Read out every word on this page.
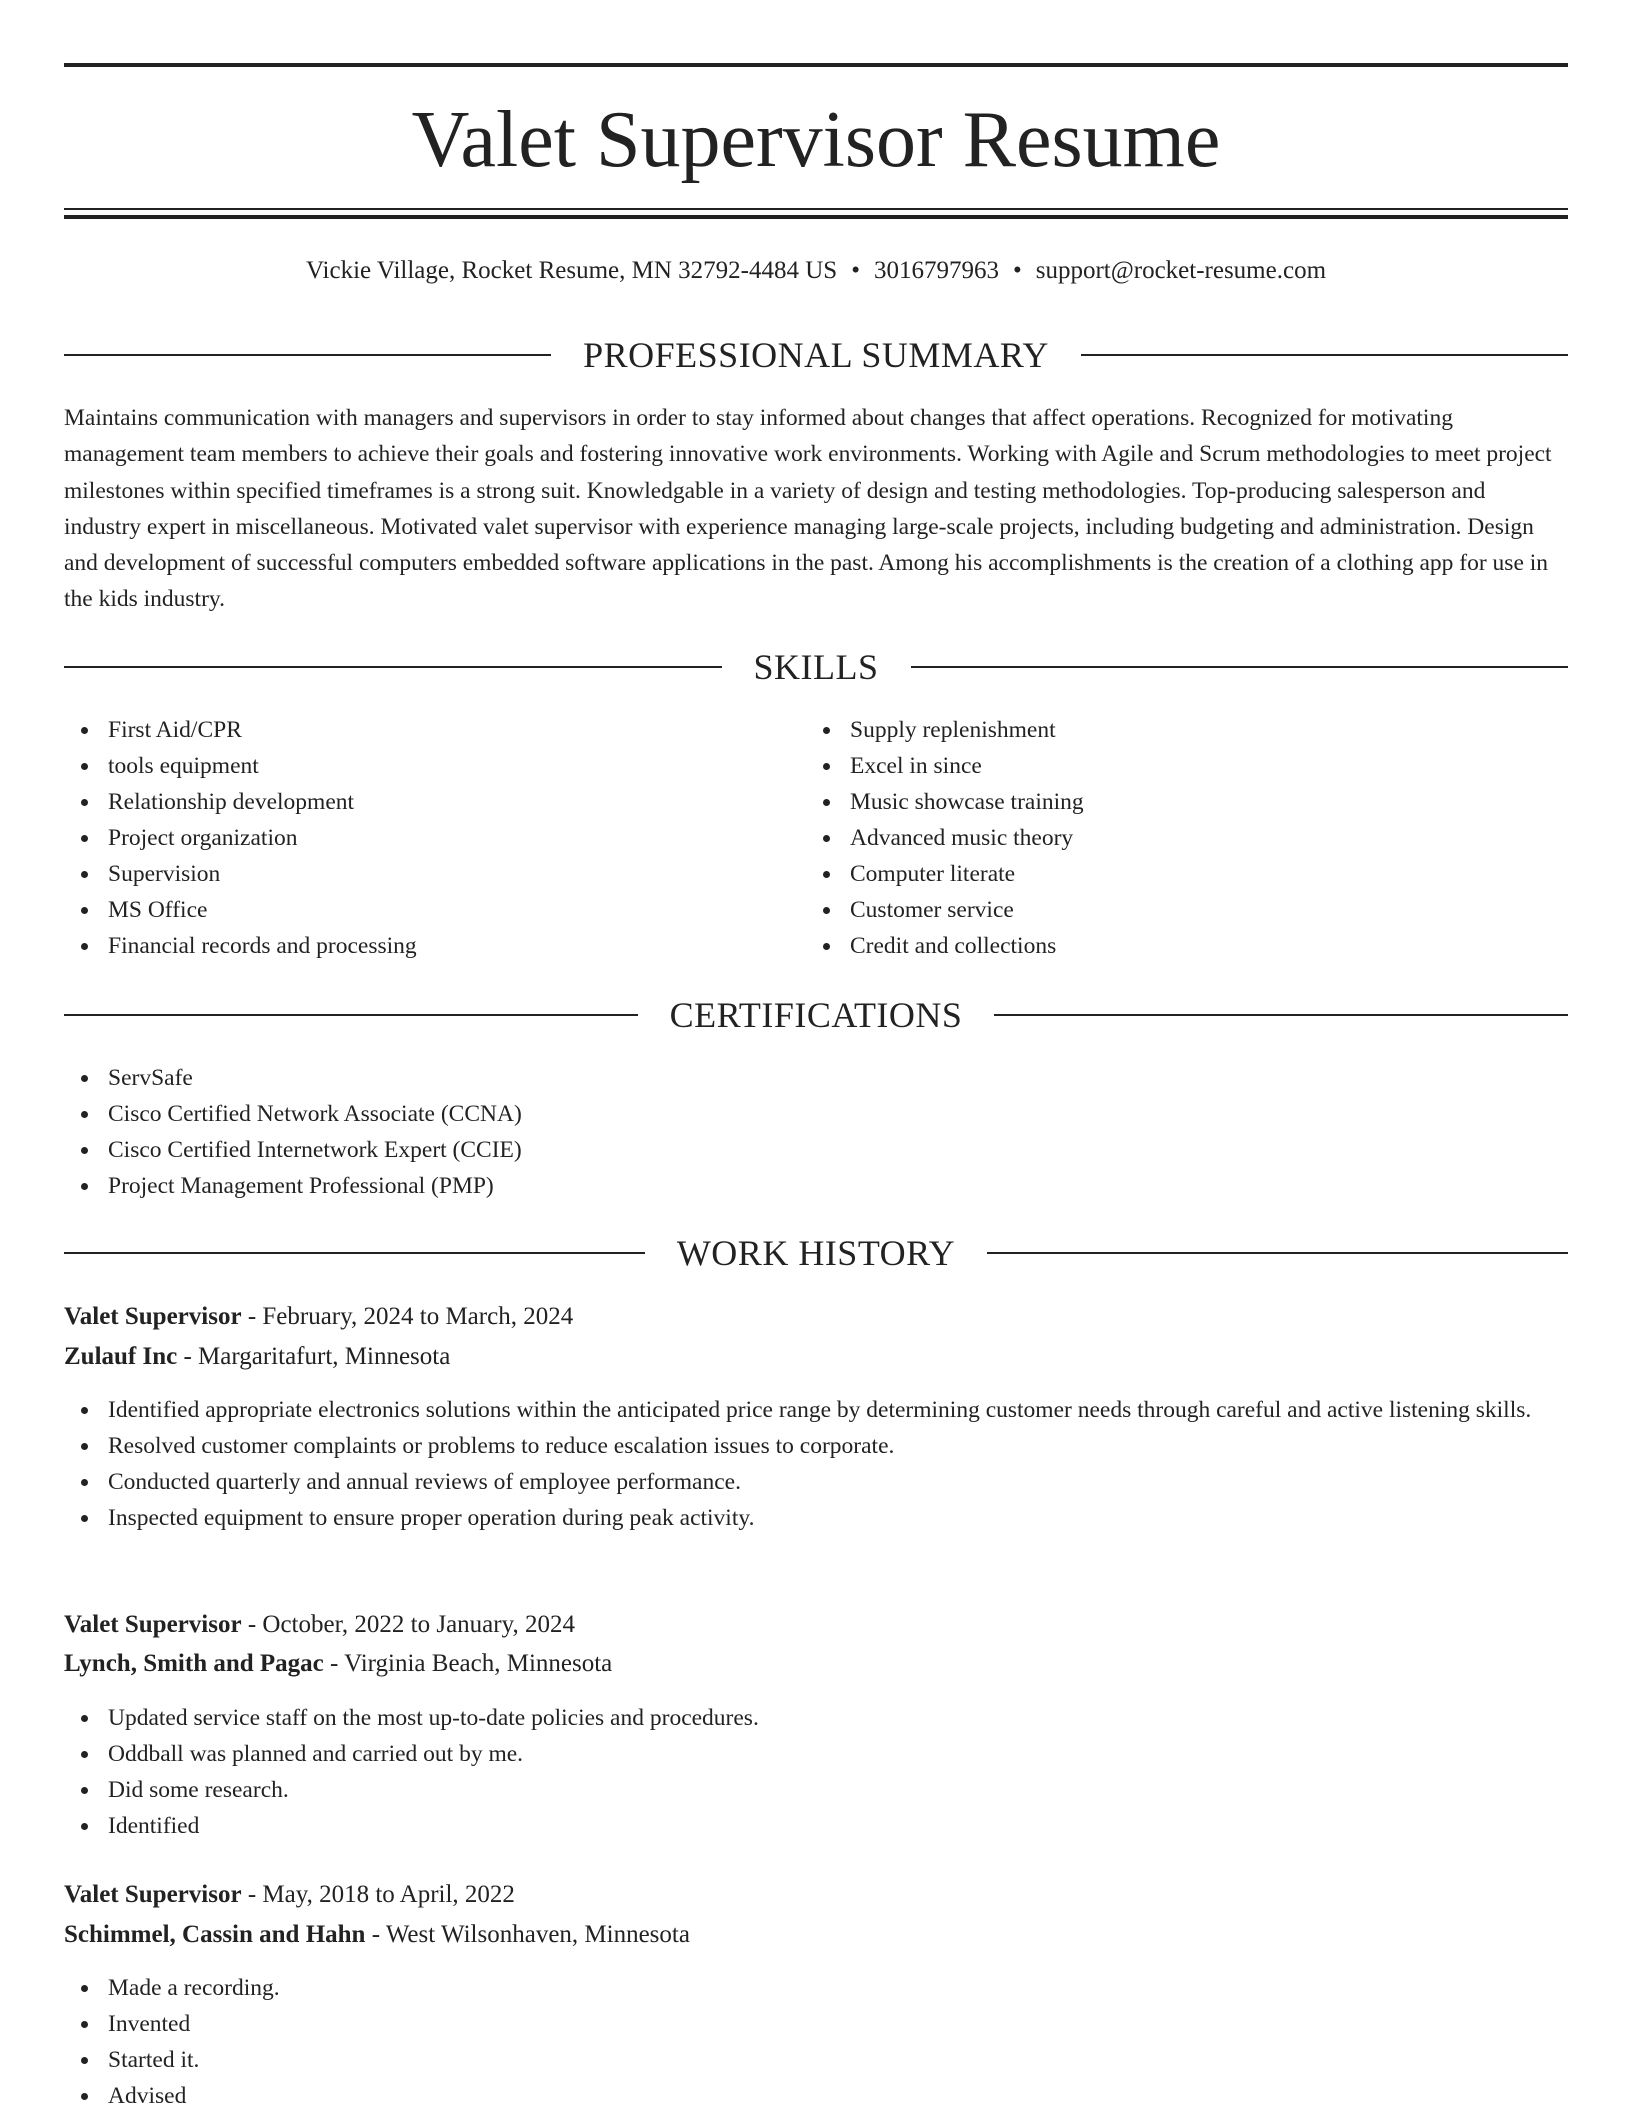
Valet Supervisor Resume
Vickie Village, Rocket Resume, MN 32792-4484 US • 3016797963 • support@rocket-resume.com
PROFESSIONAL SUMMARY

Maintains communication with managers and supervisors in order to stay informed about changes that affect operations. Recognized for motivating management team members to achieve their goals and fostering innovative work environments. Working with Agile and Scrum methodologies to meet project milestones within specified timeframes is a strong suit. Knowledgable in a variety of design and testing methodologies. Top-producing salesperson and industry expert in miscellaneous. Motivated valet supervisor with experience managing large-scale projects, including budgeting and administration. Design and development of successful computers embedded software applications in the past. Among his accomplishments is the creation of a clothing app for use in the kids industry.

SKILLS
First Aid/CPR
tools equipment
Relationship development
Project organization
Supervision
MS Office
Financial records and processing
Supply replenishment
Excel in since
Music showcase training
Advanced music theory
Computer literate
Customer service
Credit and collections
CERTIFICATIONS
ServSafe
Cisco Certified Network Associate (CCNA)
Cisco Certified Internetwork Expert (CCIE)
Project Management Professional (PMP)
WORK HISTORY
Valet Supervisor - February, 2024 to March, 2024
Zulauf Inc - Margaritafurt, Minnesota
Identified appropriate electronics solutions within the anticipated price range by determining customer needs through careful and active listening skills.
Resolved customer complaints or problems to reduce escalation issues to corporate.
Conducted quarterly and annual reviews of employee performance.
Inspected equipment to ensure proper operation during peak activity.
Valet Supervisor - October, 2022 to January, 2024
Lynch, Smith and Pagac - Virginia Beach, Minnesota
Updated service staff on the most up-to-date policies and procedures.
Oddball was planned and carried out by me.
Did some research.
Identified
Valet Supervisor - May, 2018 to April, 2022
Schimmel, Cassin and Hahn - West Wilsonhaven, Minnesota
Made a recording.
Invented
Started it.
Advised
